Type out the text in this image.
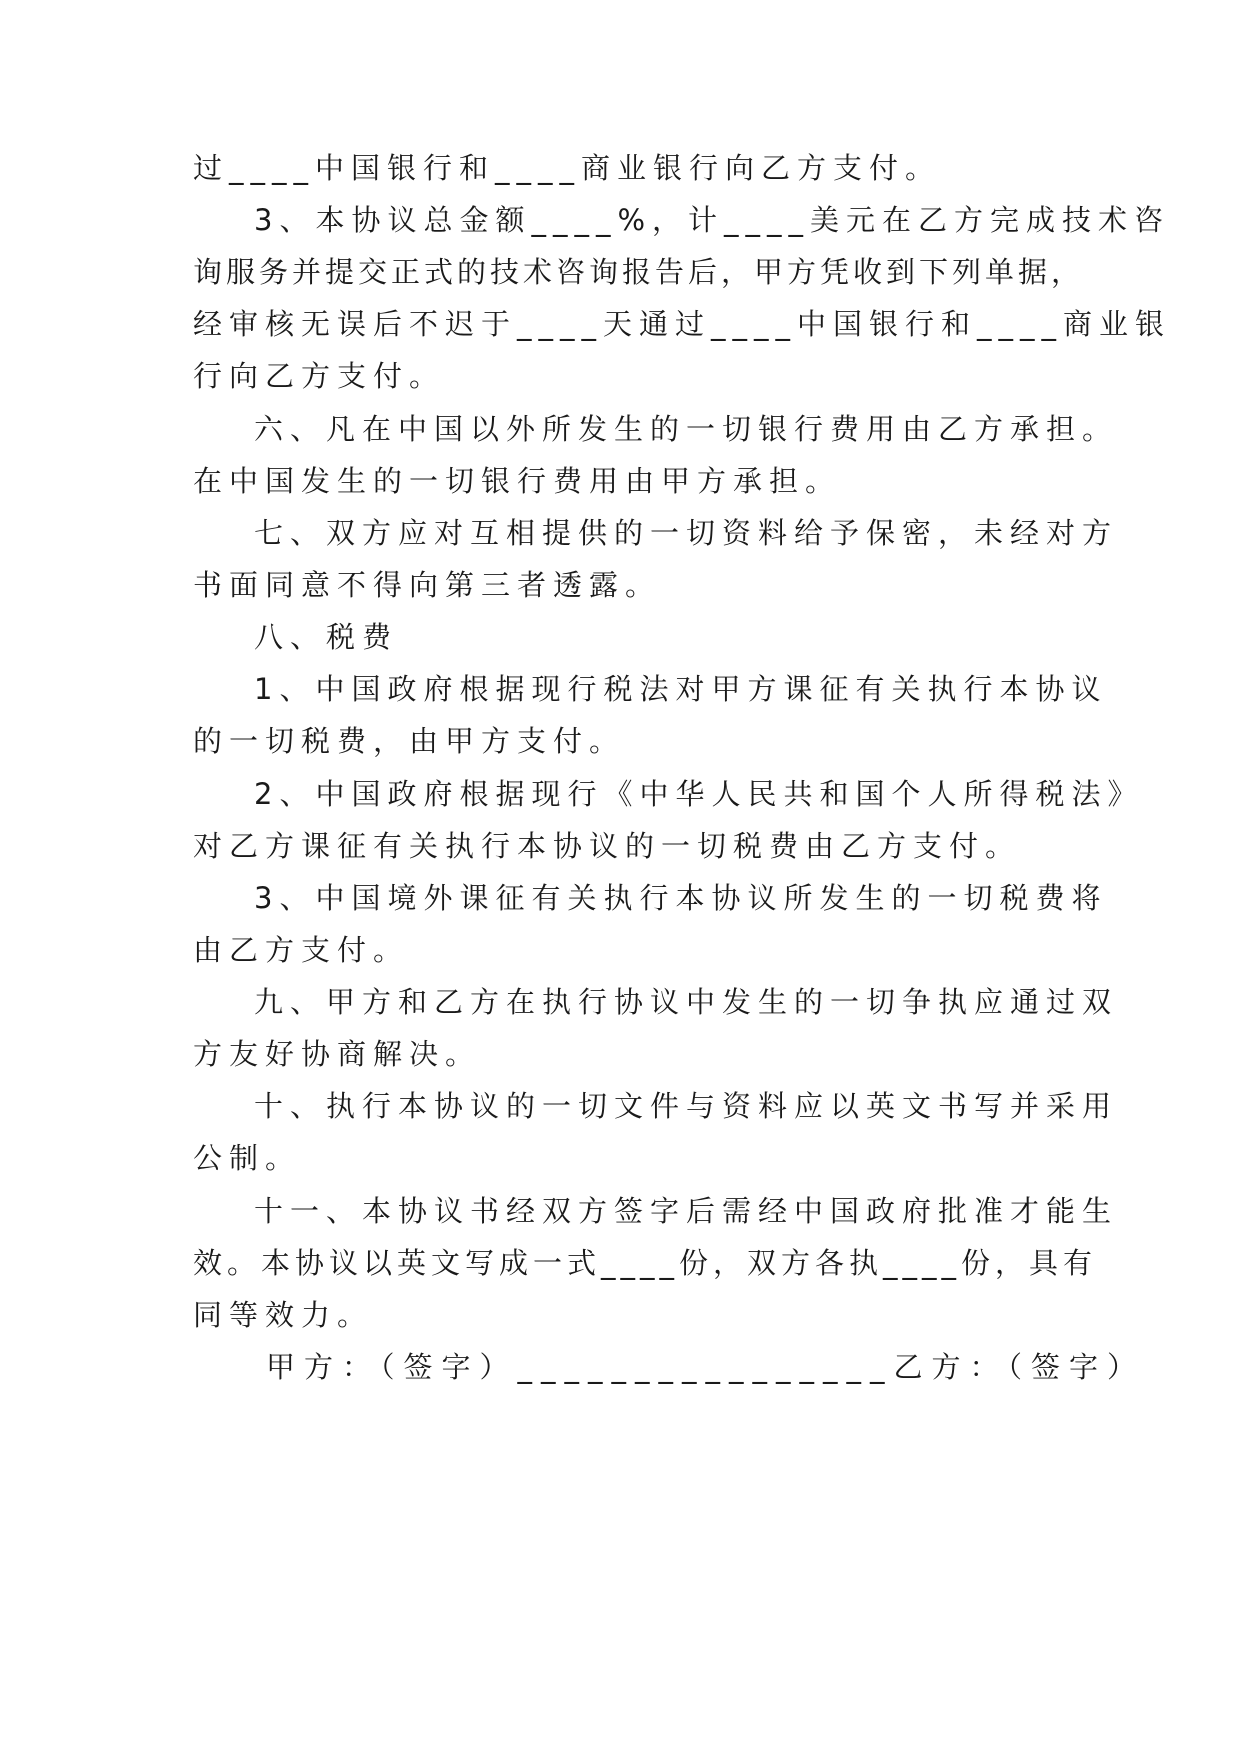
过____中国银行和____商业银行向乙方支付。
3、本协议总金额____%，计____美元在乙方完成技术咨
询服务并提交正式的技术咨询报告后，甲方凭收到下列单据，
经审核无误后不迟于____天通过____中国银行和____商业银
行向乙方支付。
六、凡在中国以外所发生的一切银行费用由乙方承担。
在中国发生的一切银行费用由甲方承担。
七、双方应对互相提供的一切资料给予保密，未经对方
书面同意不得向第三者透露。
八、税费
1、中国政府根据现行税法对甲方课征有关执行本协议
的一切税费，由甲方支付。
2、中国政府根据现行《中华人民共和国个人所得税法》
对乙方课征有关执行本协议的一切税费由乙方支付。
3、中国境外课征有关执行本协议所发生的一切税费将
由乙方支付。
九、甲方和乙方在执行协议中发生的一切争执应通过双
方友好协商解决。
十、执行本协议的一切文件与资料应以英文书写并采用
公制。
十一、本协议书经双方签字后需经中国政府批准才能生
效。本协议以英文写成一式____份，双方各执____份，具有
同等效力。
甲方：（签字）________________乙方：（签字）
